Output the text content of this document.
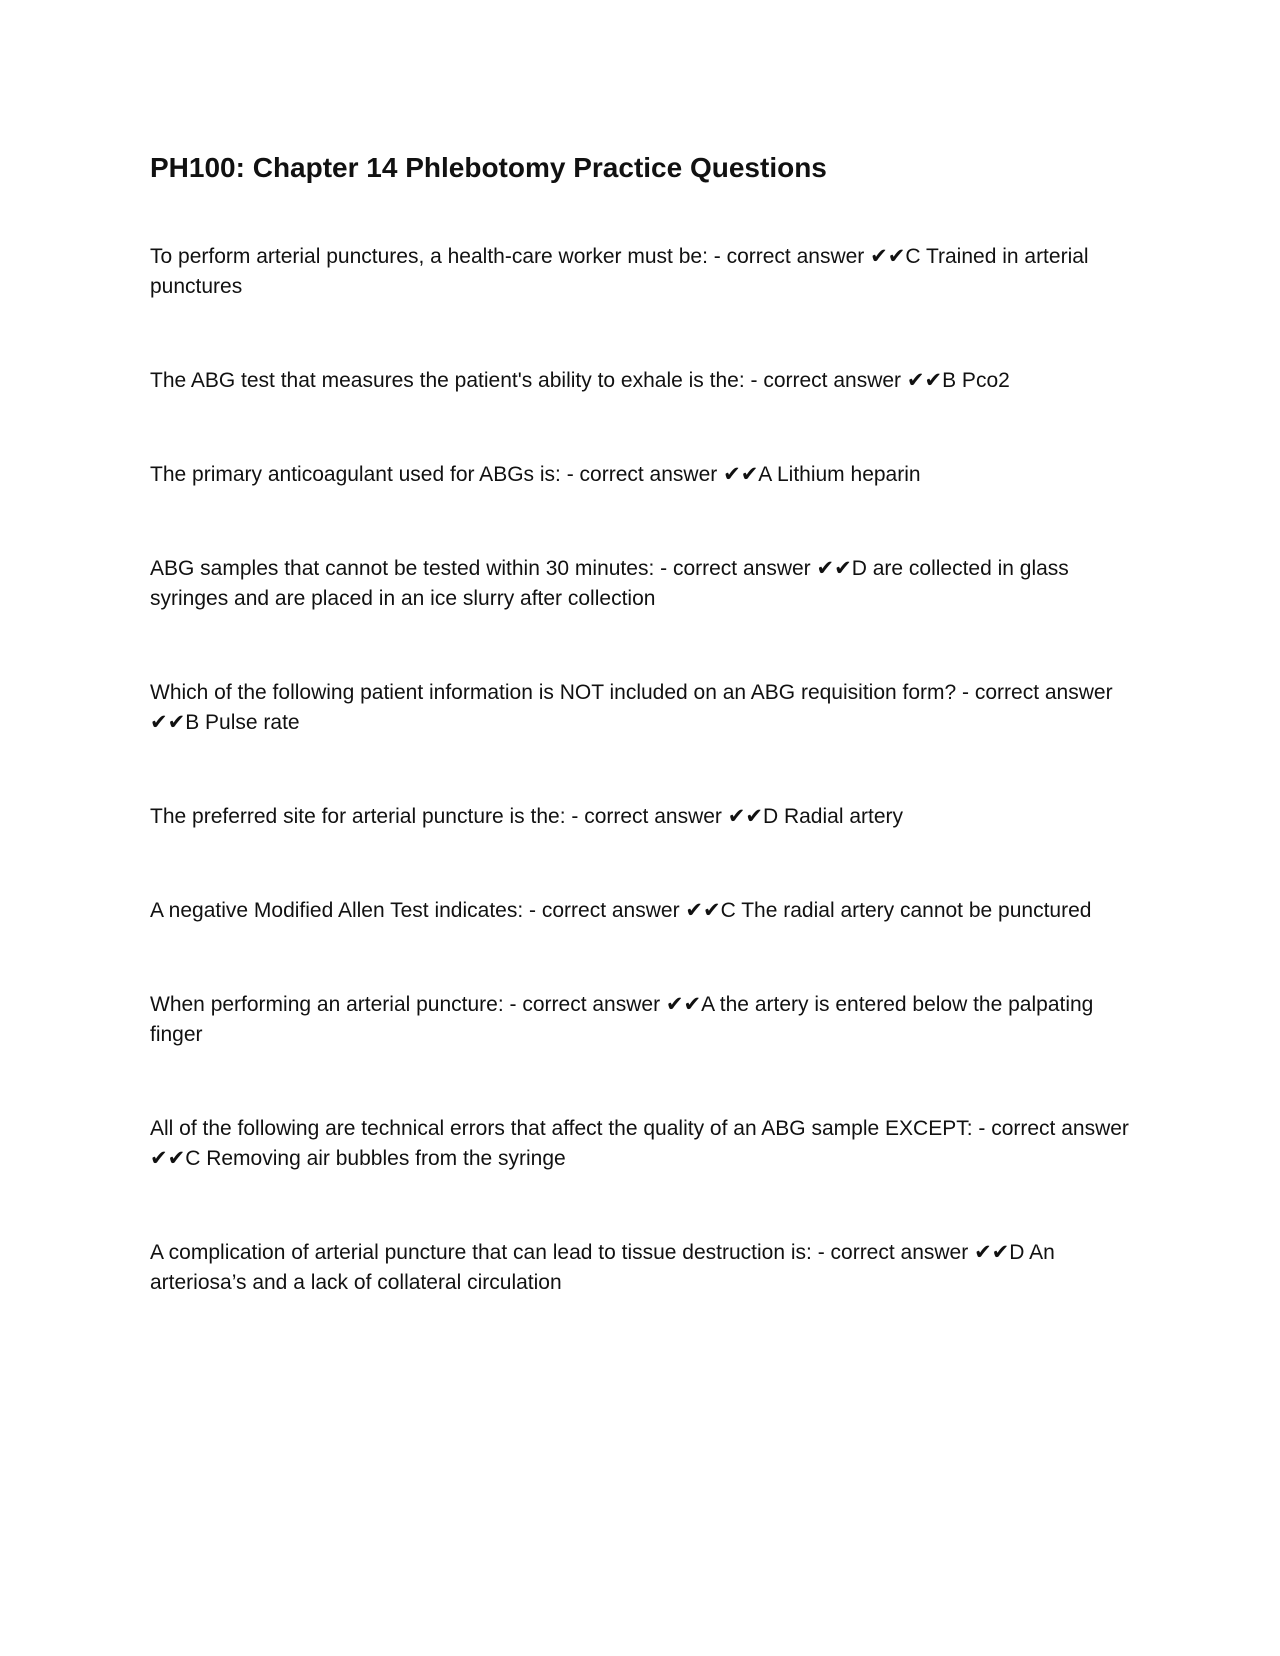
PH100: Chapter 14 Phlebotomy Practice Questions

To perform arterial punctures, a health-care worker must be: - correct answer ✔✔C Trained in arterial punctures

The ABG test that measures the patient's ability to exhale is the: - correct answer ✔✔B Pco2

The primary anticoagulant used for ABGs is: - correct answer ✔✔A Lithium heparin

ABG samples that cannot be tested within 30 minutes: - correct answer ✔✔D are collected in glass syringes and are placed in an ice slurry after collection

Which of the following patient information is NOT included on an ABG requisition form? - correct answer ✔✔B Pulse rate

The preferred site for arterial puncture is the: - correct answer ✔✔D Radial artery

A negative Modified Allen Test indicates: - correct answer ✔✔C The radial artery cannot be punctured

When performing an arterial puncture: - correct answer ✔✔A the artery is entered below the palpating finger

All of the following are technical errors that affect the quality of an ABG sample EXCEPT: - correct answer ✔✔C Removing air bubbles from the syringe

A complication of arterial puncture that can lead to tissue destruction is: - correct answer ✔✔D An arteriosa’s and a lack of collateral circulation
